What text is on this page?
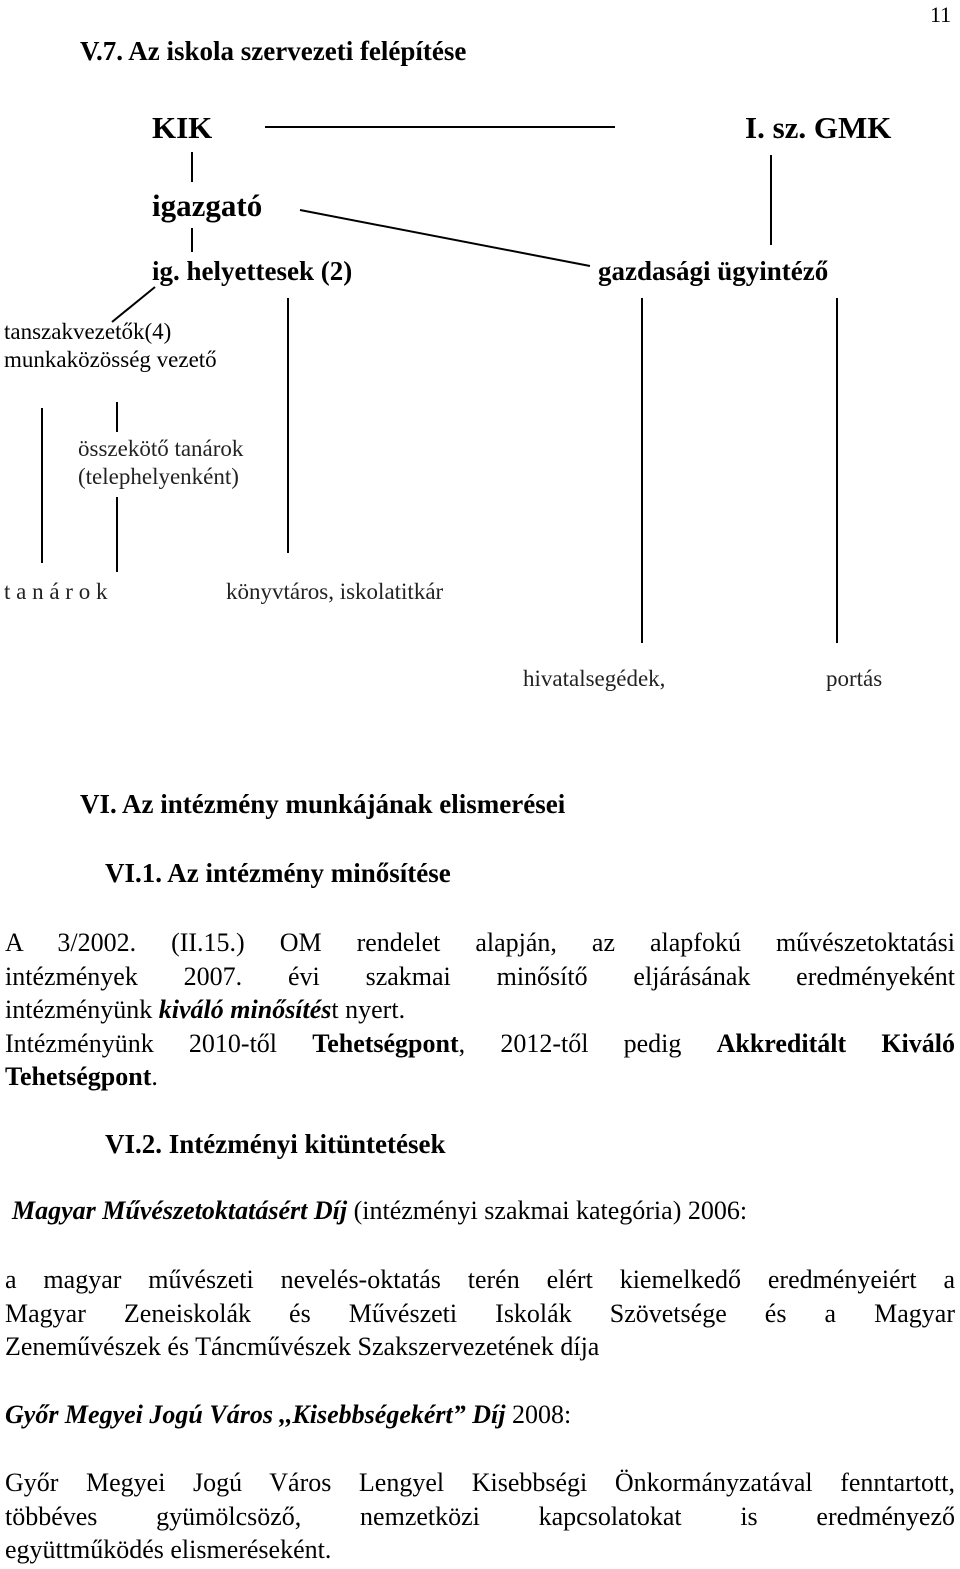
11
V.7. Az iskola szervezeti felépítése
KIK	I. sz. GMK
igazgató
ig. helyettesek (2)	gazdasági ügyintéző
tanszakvezetők(4)
munkaközösség vezető
összekötő tanárok
(telephelyenként)
t a n á r o k	könyvtáros, iskolatitkár
hivatalsegédek,	portás
VI. Az intézmény munkájának elismerései
VI.1. Az intézmény minősítése
A 3/2002. (II.15.) OM rendelet alapján, az alapfokú művészetoktatási
intézmények 2007. évi szakmai minősítő eljárásának eredményeként
intézményünk kiváló minősítést nyert.
Intézményünk 2010-től Tehetségpont, 2012-től pedig Akkreditált Kiváló
Tehetségpont.
VI.2. Intézményi kitüntetések
Magyar Művészetoktatásért Díj (intézményi szakmai kategória) 2006:
a magyar művészeti nevelés-oktatás terén elért kiemelkedő eredményeiért a
Magyar Zeneiskolák és Művészeti Iskolák Szövetsége és a Magyar
Zeneművészek és Táncművészek Szakszervezetének díja
Győr Megyei Jogú Város ,,Kisebbségekért” Díj 2008:
Győr Megyei Jogú Város Lengyel Kisebbségi Önkormányzatával fenntartott,
többéves gyümölcsöző, nemzetközi kapcsolatokat is eredményező
együttműködés elismeréseként.
